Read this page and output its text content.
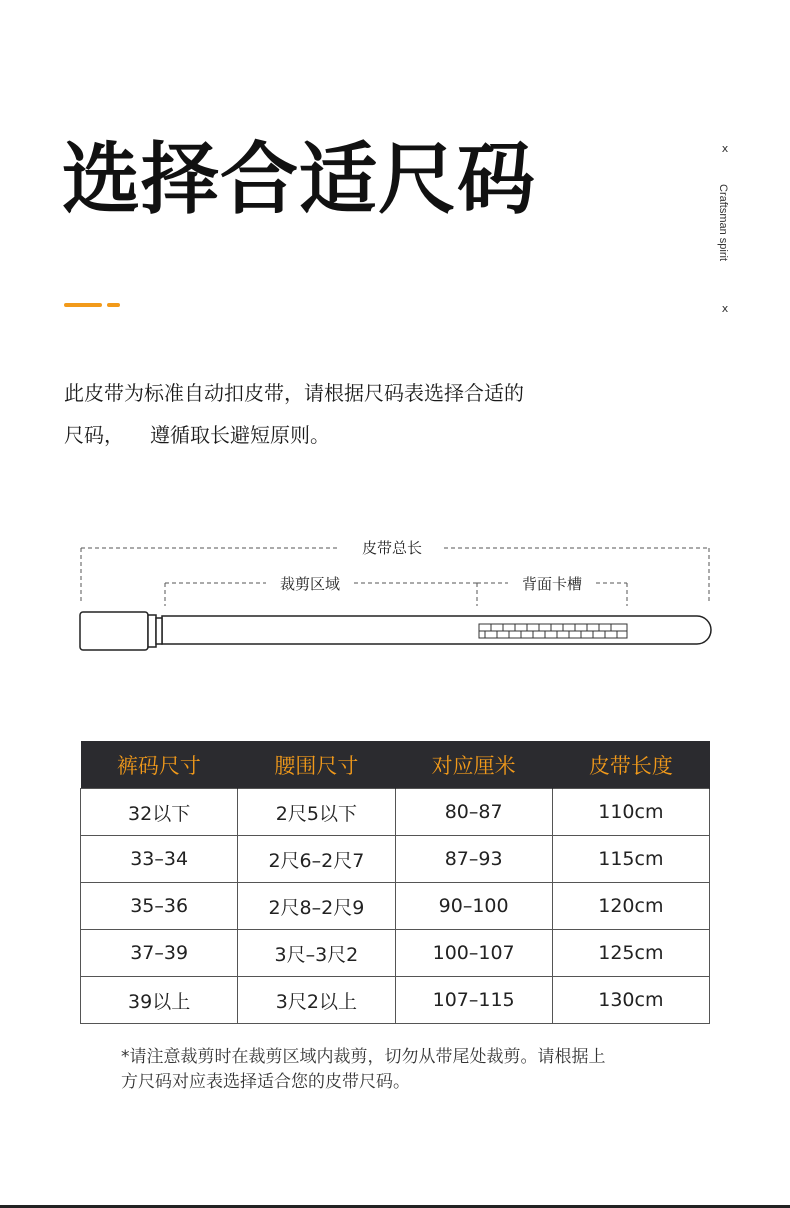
选择合适尺码	x
Craftsman spirit
x

此皮带为标准自动扣皮带，请根据尺码表选择合适的

尺码， 遵循取长避短原则。

皮带总长
裁剪区域	背面卡槽
裤码尺寸	腰围尺寸	对应厘米	皮带长度
32以下	2尺5以下	80–87	110cm
33–34	2尺6–2尺7	87–93	115cm
35–36	2尺8–2尺9	90–100	120cm
37–39	3尺–3尺2	100–107	125cm
39以上	3尺2以上	107–115	130cm

*请注意裁剪时在裁剪区域内裁剪，切勿从带尾处裁剪。请根据上

方尺码对应表选择适合您的皮带尺码。
